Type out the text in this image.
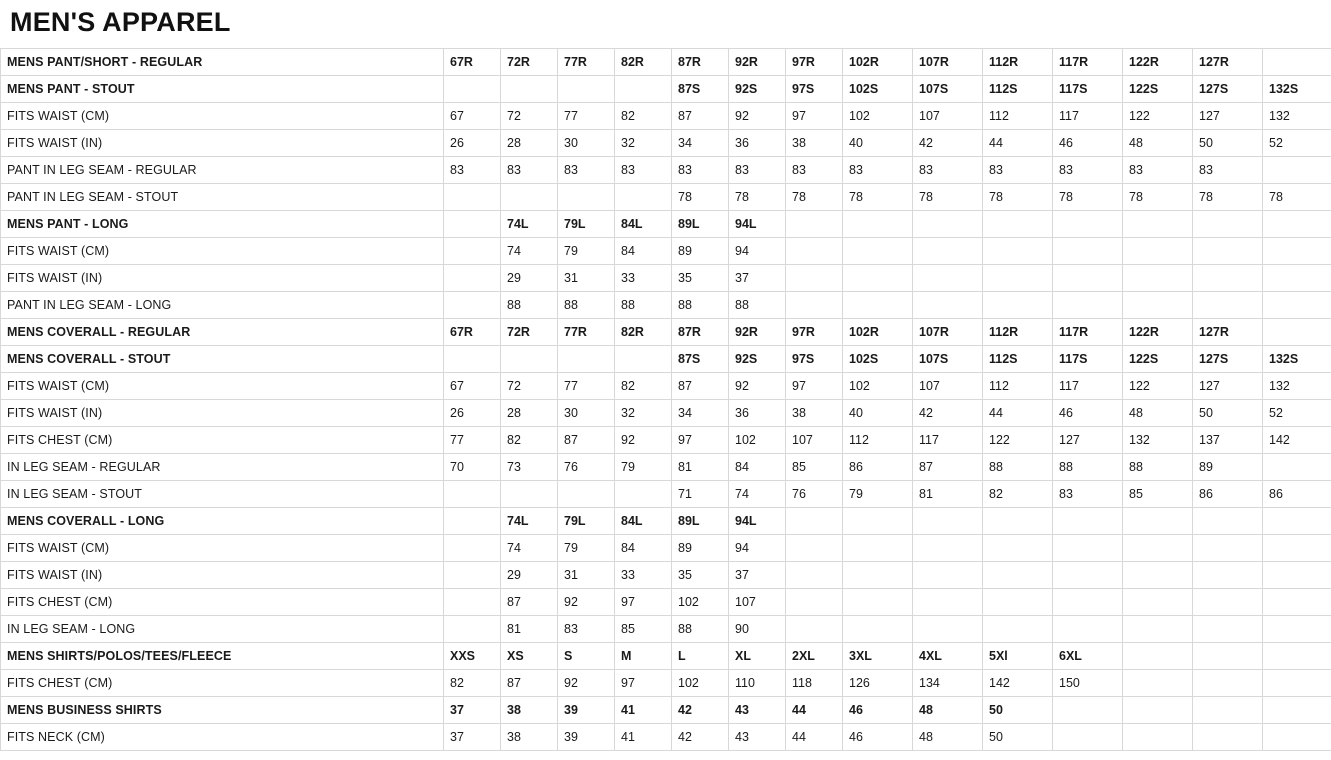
MEN'S APPAREL
MENS PANT/SHORT - REGULAR	67R	72R	77R	82R	87R	92R	97R	102R	107R	112R	117R	122R	127R	
MENS PANT - STOUT					87S	92S	97S	102S	107S	112S	117S	122S	127S	132S
FITS WAIST (CM)	67	72	77	82	87	92	97	102	107	112	117	122	127	132
FITS WAIST (IN)	26	28	30	32	34	36	38	40	42	44	46	48	50	52
PANT IN LEG SEAM - REGULAR	83	83	83	83	83	83	83	83	83	83	83	83	83	
PANT IN LEG SEAM - STOUT					78	78	78	78	78	78	78	78	78	78
MENS PANT - LONG		74L	79L	84L	89L	94L								
FITS WAIST (CM)		74	79	84	89	94								
FITS WAIST (IN)		29	31	33	35	37								
PANT IN LEG SEAM - LONG		88	88	88	88	88								
MENS COVERALL - REGULAR	67R	72R	77R	82R	87R	92R	97R	102R	107R	112R	117R	122R	127R	
MENS COVERALL - STOUT					87S	92S	97S	102S	107S	112S	117S	122S	127S	132S
FITS WAIST (CM)	67	72	77	82	87	92	97	102	107	112	117	122	127	132
FITS WAIST (IN)	26	28	30	32	34	36	38	40	42	44	46	48	50	52
FITS CHEST (CM)	77	82	87	92	97	102	107	112	117	122	127	132	137	142
IN LEG SEAM - REGULAR	70	73	76	79	81	84	85	86	87	88	88	88	89	
IN LEG SEAM - STOUT					71	74	76	79	81	82	83	85	86	86
MENS COVERALL - LONG		74L	79L	84L	89L	94L								
FITS WAIST (CM)		74	79	84	89	94								
FITS WAIST (IN)		29	31	33	35	37								
FITS CHEST (CM)		87	92	97	102	107								
IN LEG SEAM - LONG		81	83	85	88	90								
MENS SHIRTS/POLOS/TEES/FLEECE	XXS	XS	S	M	L	XL	2XL	3XL	4XL	5Xl	6XL			
FITS CHEST (CM)	82	87	92	97	102	110	118	126	134	142	150			
MENS BUSINESS SHIRTS	37	38	39	41	42	43	44	46	48	50				
FITS NECK (CM)	37	38	39	41	42	43	44	46	48	50				
